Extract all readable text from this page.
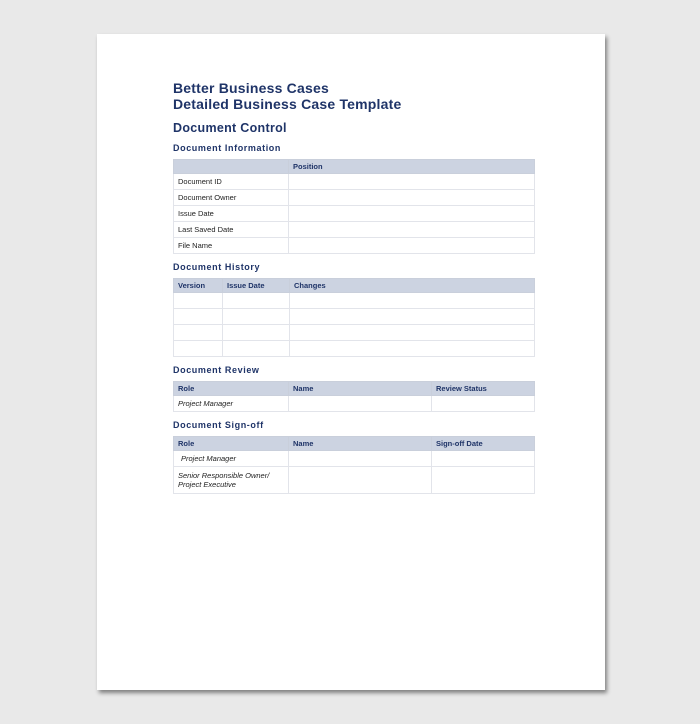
Better Business Cases
Detailed Business Case Template
Document Control
Document Information
	Position
Document ID	
Document Owner	
Issue Date	
Last Saved Date	
File Name	
Document History
Version	Issue Date	Changes

Document Review
Role	Name	Review Status
Project Manager		
Document Sign-off
Role	Name	Sign-off Date
Project Manager		

Senior Responsible Owner/
Project Executive		
